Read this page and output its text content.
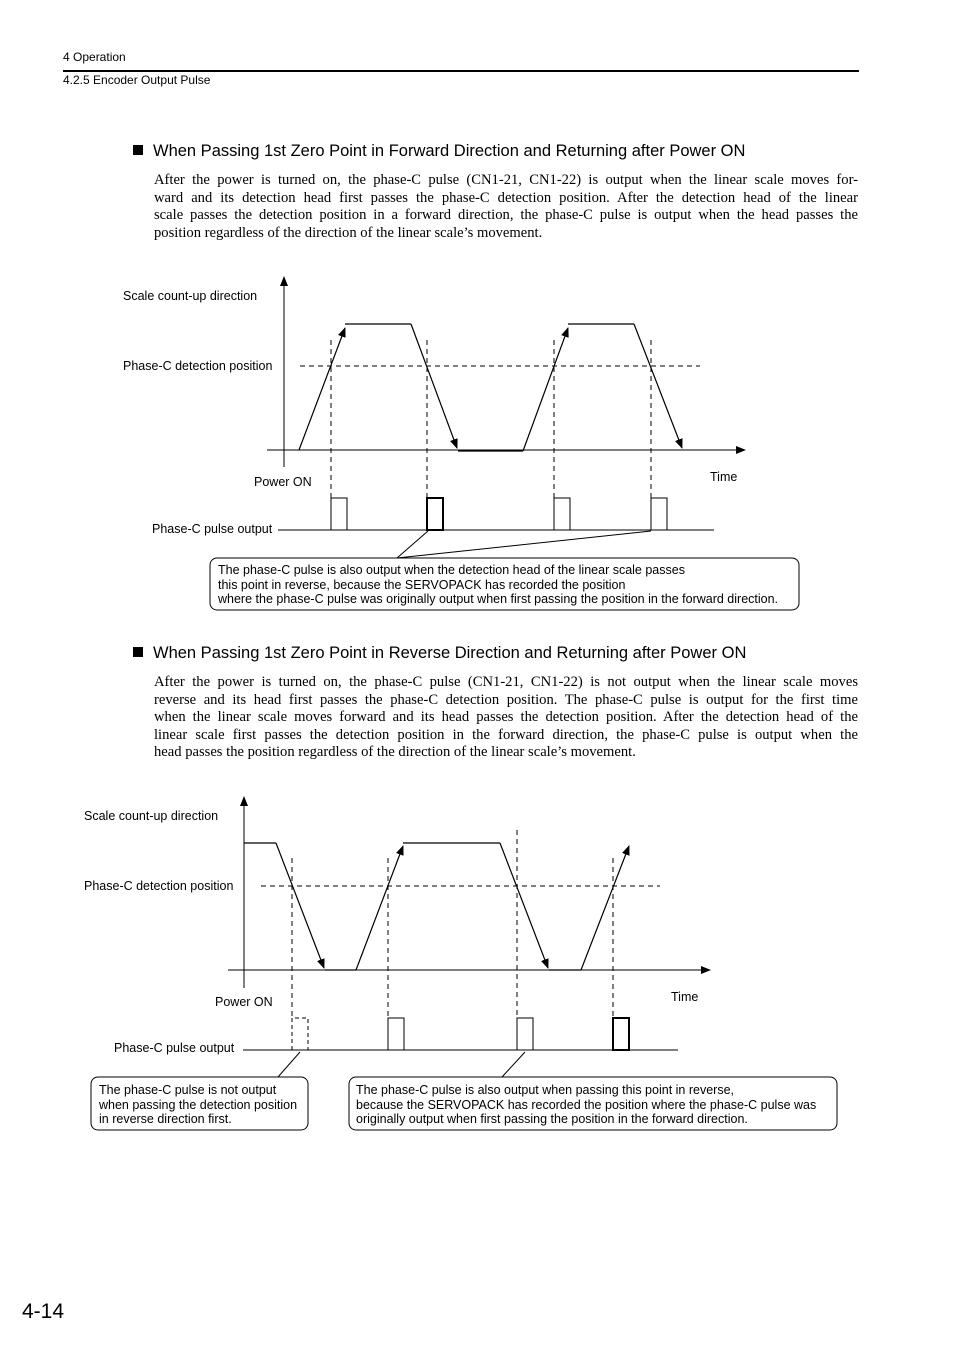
4 Operation
4.2.5 Encoder Output Pulse
When Passing 1st Zero Point in Forward Direction and Returning after Power ON

After the power is turned on, the phase-C pulse (CN1-21, CN1-22) is output when the linear scale moves for-
ward and its detection head first passes the phase-C detection position. After the detection head of the linear
scale passes the detection position in a forward direction, the phase-C pulse is output when the head passes the
position regardless of the direction of the linear scale’s movement.

When Passing 1st Zero Point in Reverse Direction and Returning after Power ON

After the power is turned on, the phase-C pulse (CN1-21, CN1-22) is not output when the linear scale moves
reverse and its head first passes the phase-C detection position. The phase-C pulse is output for the first time
when the linear scale moves forward and its head passes the detection position. After the detection head of the
linear scale first passes the detection position in the forward direction, the phase-C pulse is output when the
head passes the position regardless of the direction of the linear scale’s movement.

Scale count-up direction
Phase-C detection position
Power ON	Time
Phase-C pulse output
The phase-C pulse is also output when the detection head of the linear scale passes
this point in reverse, because the SERVOPACK has recorded the position
where the phase-C pulse was originally output when first passing the position in the forward direction.
Scale count-up direction
Phase-C detection position
Power ON	Time
Phase-C pulse output
The phase-C pulse is not output
when passing the detection position
in reverse direction first.
The phase-C pulse is also output when passing this point in reverse,
because the SERVOPACK has recorded the position where the phase-C pulse was
originally output when first passing the position in the forward direction.
4-14
